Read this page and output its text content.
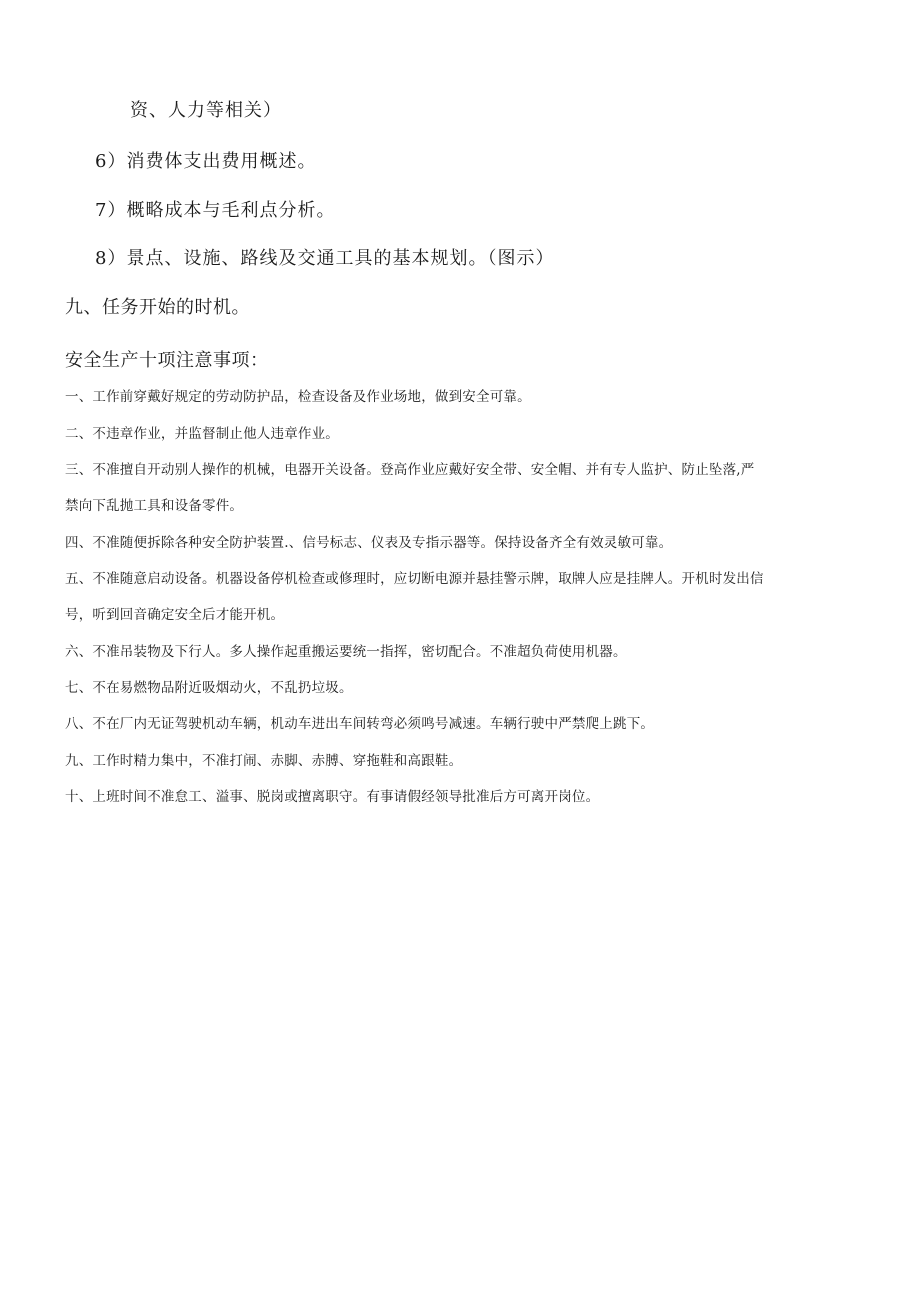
资、人力等相关）

6）消费体支出费用概述。

7）概略成本与毛利点分析。

8）景点、设施、路线及交通工具的基本规划。（图示）

九、任务开始的时机。

安全生产十项注意事项：

一、工作前穿戴好规定的劳动防护品，检查设备及作业场地，做到安全可靠。

二、不违章作业，并监督制止他人违章作业。

三、不准擅自开动别人操作的机械，电器开关设备。登高作业应戴好安全带、安全帽、并有专人监护、防止坠落,严

禁向下乱抛工具和设备零件。

四、不准随便拆除各种安全防护装置.、信号标志、仪表及专指示器等。保持设备齐全有效灵敏可靠。

五、不准随意启动设备。机器设备停机检查或修理时，应切断电源并悬挂警示牌，取牌人应是挂牌人。开机时发出信

号，听到回音确定安全后才能开机。

六、不准吊装物及下行人。多人操作起重搬运要统一指挥，密切配合。不准超负荷使用机器。

七、不在易燃物品附近吸烟动火，不乱扔垃圾。

八、不在厂内无证驾驶机动车辆，机动车进出车间转弯必须鸣号减速。车辆行驶中严禁爬上跳下。

九、工作时精力集中，不准打闹、赤脚、赤膊、穿拖鞋和高跟鞋。

十、上班时间不准怠工、溢事、脱岗或擅离职守。有事请假经领导批准后方可离开岗位。
